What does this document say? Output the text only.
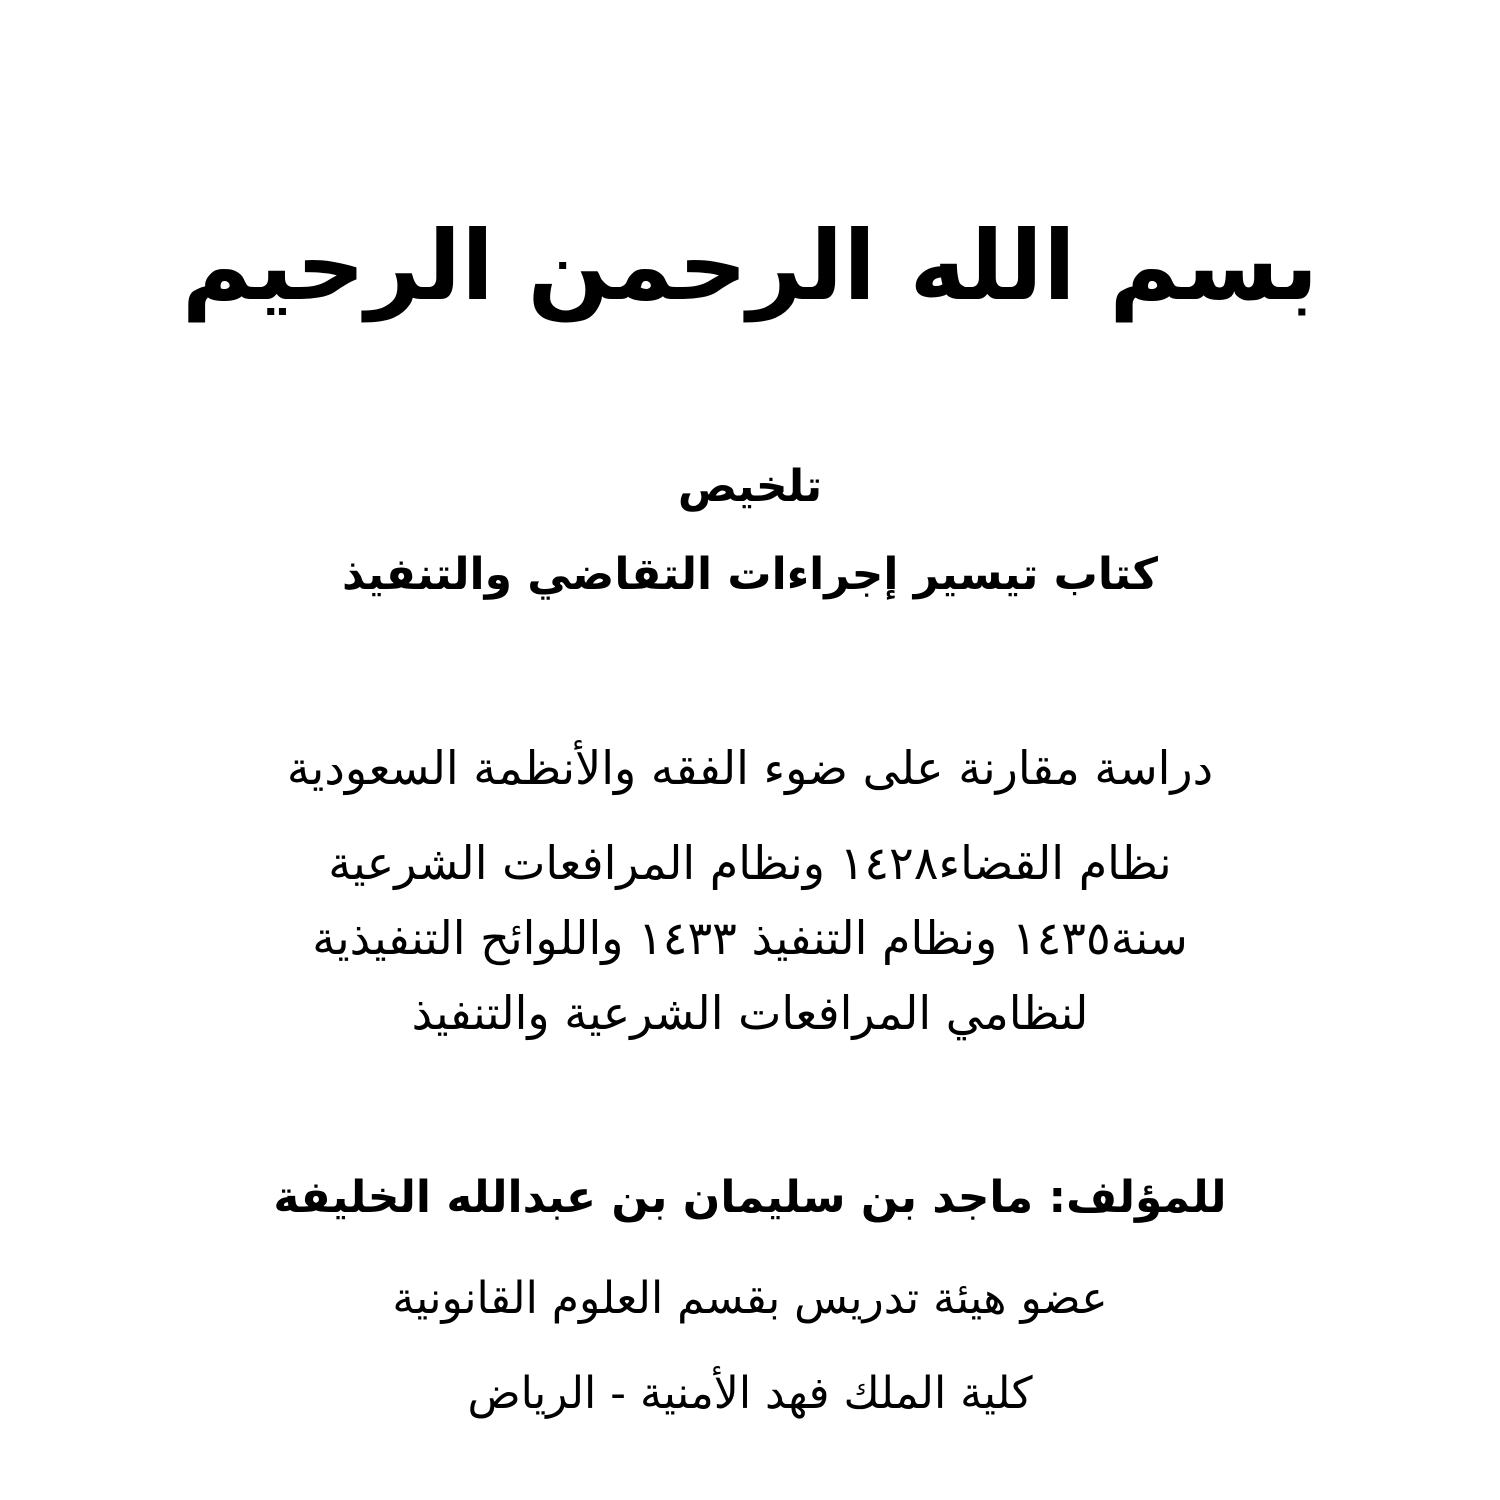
بسم الله الرحمن الرحيم
تلخيص
كتاب تيسير إجراءات التقاضي والتنفيذ
دراسة مقارنة على ضوء الفقه والأنظمة السعودية
نظام القضاء١٤٢٨ ونظام المرافعات الشرعية
سنة١٤٣٥ ونظام التنفيذ ١٤٣٣ واللوائح التنفيذية
لنظامي المرافعات الشرعية والتنفيذ
للمؤلف: ماجد بن سليمان بن عبدالله الخليفة
عضو هيئة تدريس بقسم العلوم القانونية
كلية الملك فهد الأمنية - الرياض
